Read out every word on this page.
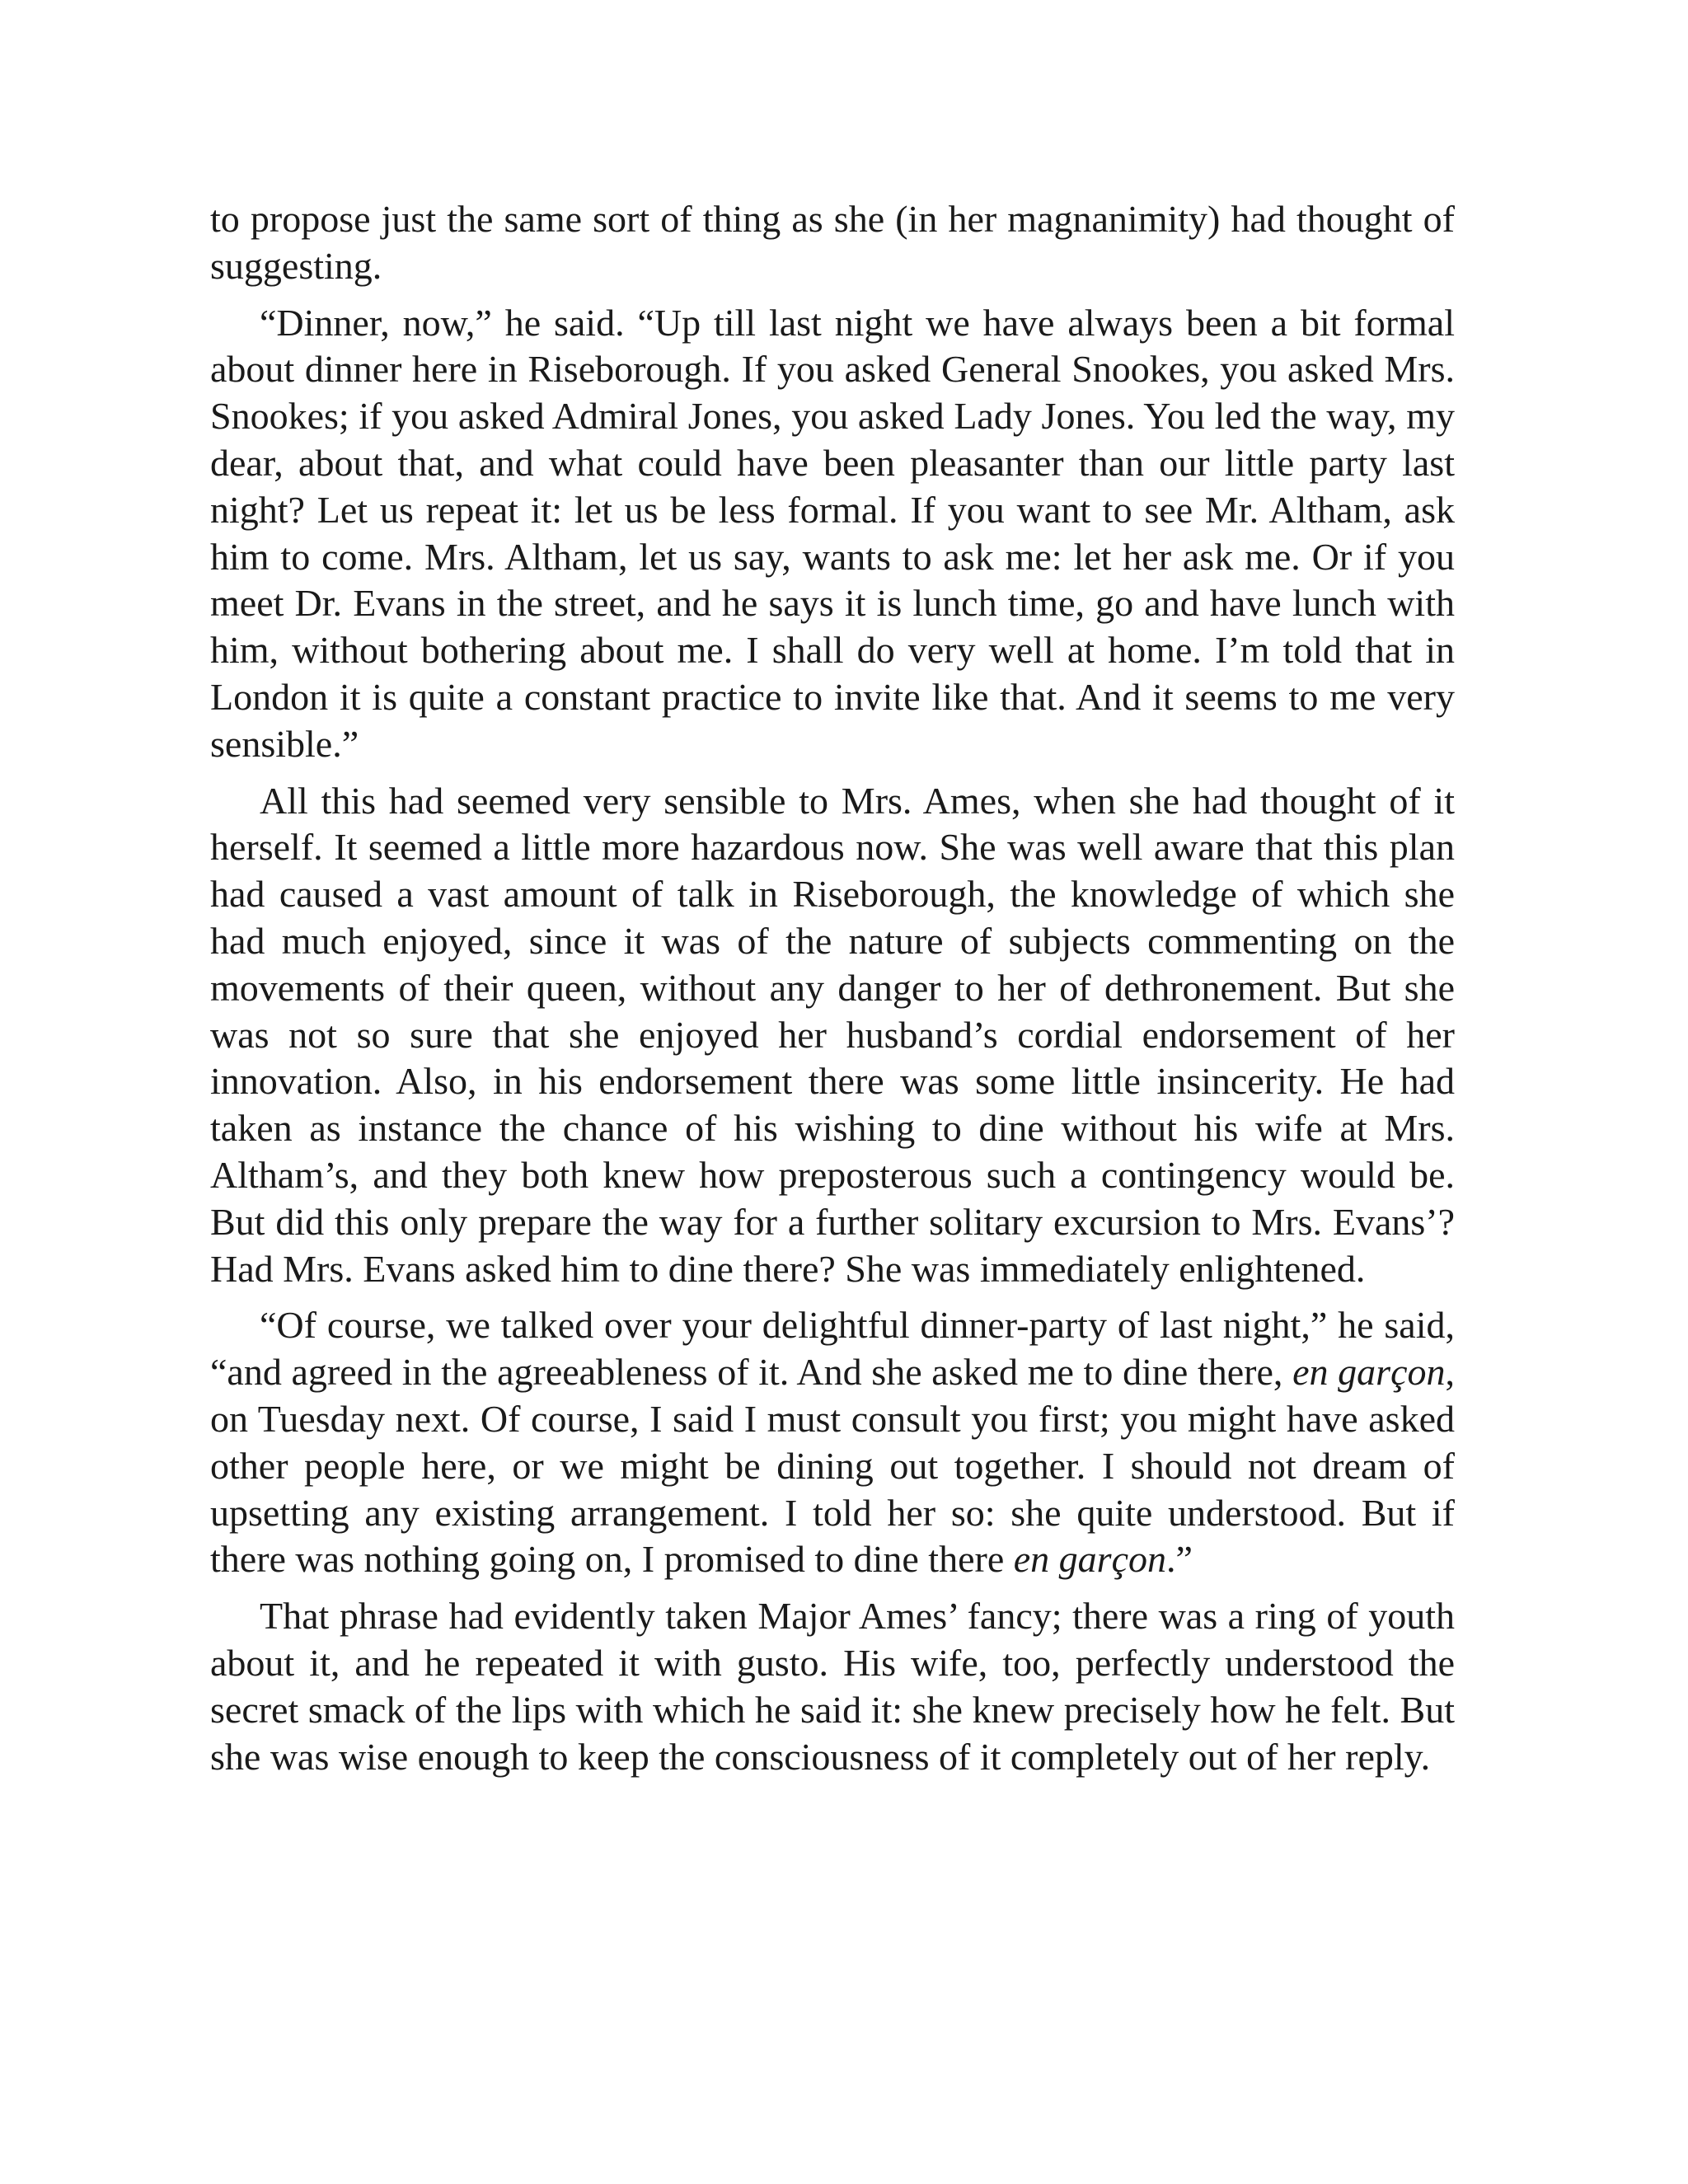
to propose just the same sort of thing as she (in her magnanimity) had thought of suggesting.

“Dinner, now,” he said. “Up till last night we have always been a bit formal about dinner here in Riseborough. If you asked General Snookes, you asked Mrs. Snookes; if you asked Admiral Jones, you asked Lady Jones. You led the way, my dear, about that, and what could have been pleasanter than our little party last night? Let us repeat it: let us be less formal. If you want to see Mr. Altham, ask him to come. Mrs. Altham, let us say, wants to ask me: let her ask me. Or if you meet Dr. Evans in the street, and he says it is lunch time, go and have lunch with him, without bothering about me. I shall do very well at home. I’m told that in London it is quite a constant practice to invite like that. And it seems to me very sensible.”

All this had seemed very sensible to Mrs. Ames, when she had thought of it herself. It seemed a little more hazardous now. She was well aware that this plan had caused a vast amount of talk in Riseborough, the knowledge of which she had much enjoyed, since it was of the nature of subjects commenting on the movements of their queen, without any danger to her of dethronement. But she was not so sure that she enjoyed her husband’s cordial endorsement of her innovation. Also, in his endorsement there was some little insincerity. He had taken as instance the chance of his wishing to dine without his wife at Mrs. Altham’s, and they both knew how preposterous such a contingency would be. But did this only prepare the way for a further solitary excursion to Mrs. Evans’? Had Mrs. Evans asked him to dine there? She was immediately enlightened.

“Of course, we talked over your delightful dinner-party of last night,” he said, “and agreed in the agreeableness of it. And she asked me to dine there, en garçon, on Tuesday next. Of course, I said I must consult you first; you might have asked other people here, or we might be dining out together. I should not dream of upsetting any existing arrangement. I told her so: she quite understood. But if there was nothing going on, I promised to dine there en garçon.”

That phrase had evidently taken Major Ames’ fancy; there was a ring of youth about it, and he repeated it with gusto. His wife, too, perfectly understood the secret smack of the lips with which he said it: she knew precisely how he felt. But she was wise enough to keep the consciousness of it completely out of her reply.
